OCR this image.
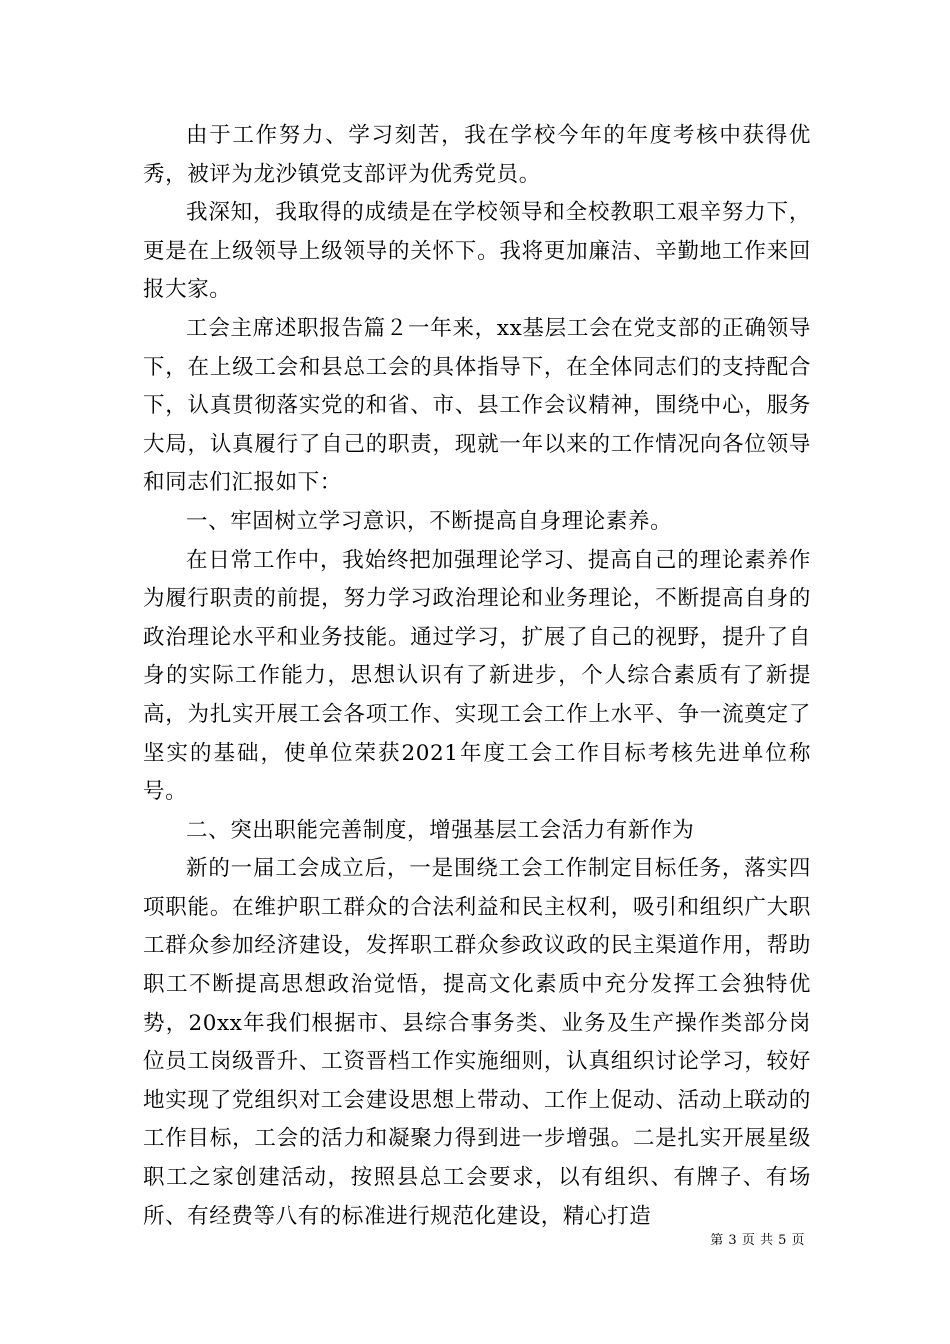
由于工作努力、学习刻苦，我在学校今年的年度考核中获得优秀，被评为龙沙镇党支部评为优秀党员。

我深知，我取得的成绩是在学校领导和全校教职工艰辛努力下，更是在上级领导上级领导的关怀下。我将更加廉洁、辛勤地工作来回报大家。

工会主席述职报告篇２一年来，xx基层工会在党支部的正确领导下，在上级工会和县总工会的具体指导下，在全体同志们的支持配合下，认真贯彻落实党的和省、市、县工作会议精神，围绕中心，服务大局，认真履行了自己的职责，现就一年以来的工作情况向各位领导和同志们汇报如下：

一、牢固树立学习意识，不断提高自身理论素养。

在日常工作中，我始终把加强理论学习、提高自己的理论素养作为履行职责的前提，努力学习政治理论和业务理论，不断提高自身的政治理论水平和业务技能。通过学习，扩展了自己的视野，提升了自身的实际工作能力，思想认识有了新进步，个人综合素质有了新提高，为扎实开展工会各项工作、实现工会工作上水平、争一流奠定了坚实的基础，使单位荣获2021年度工会工作目标考核先进单位称号。

二、突出职能完善制度，增强基层工会活力有新作为

新的一届工会成立后，一是围绕工会工作制定目标任务，落实四项职能。在维护职工群众的合法利益和民主权利，吸引和组织广大职工群众参加经济建设，发挥职工群众参政议政的民主渠道作用，帮助职工不断提高思想政治觉悟，提高文化素质中充分发挥工会独特优势，20xx年我们根据市、县综合事务类、业务及生产操作类部分岗位员工岗级晋升、工资晋档工作实施细则，认真组织讨论学习，较好地实现了党组织对工会建设思想上带动、工作上促动、活动上联动的工作目标，工会的活力和凝聚力得到进一步增强。二是扎实开展星级职工之家创建活动，按照县总工会要求，以有组织、有牌子、有场所、有经费等八有的标准进行规范化建设，精心打造

第 3 页 共 5 页
